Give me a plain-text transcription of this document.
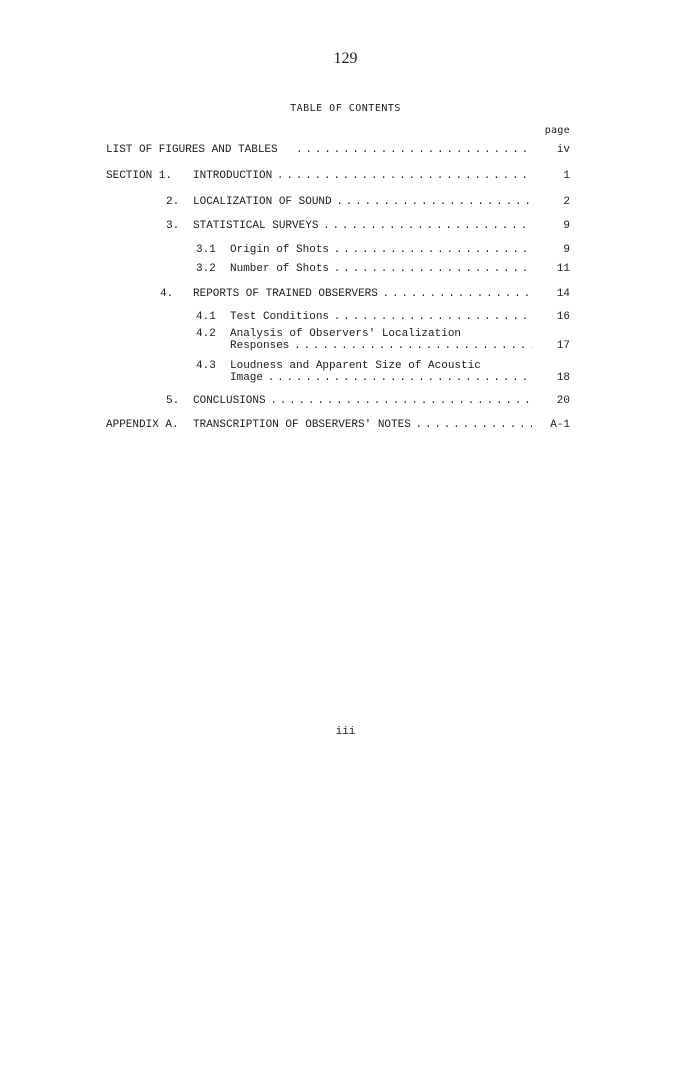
129
TABLE OF CONTENTS
page
LIST OF FIGURES AND TABLES . . .	iv
SECTION 1. INTRODUCTION . . .	1
2. LOCALIZATION OF SOUND . . .	2
3. STATISTICAL SURVEYS . . .	9
3.1 Origin of Shots . . .	9
3.2 Number of Shots . . .	11
4. REPORTS OF TRAINED OBSERVERS . . .	14
4.1 Test Conditions . . .	16
4.2 Analysis of Observers' Localization
Responses . . .	17
4.3 Loudness and Apparent Size of Acoustic
Image . . .	18
5. CONCLUSIONS . . .	20
APPENDIX A. TRANSCRIPTION OF OBSERVERS' NOTES . . .	A-1
iii
